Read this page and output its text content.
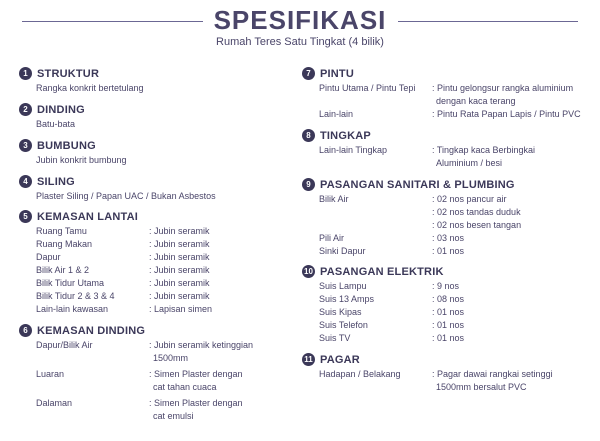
SPESIFIKASI
Rumah Teres Satu Tingkat (4 bilik)
1 STRUKTUR
Rangka konkrit bertetulang
2 DINDING
Batu-bata
3 BUMBUNG
Jubin konkrit bumbung
4 SILING
Plaster Siling / Papan UAC / Bukan Asbestos
5 KEMASAN LANTAI
Ruang Tamu	: Jubin seramik
Ruang Makan	: Jubin seramik
Dapur	: Jubin seramik
Bilik Air 1 & 2	: Jubin seramik
Bilik Tidur Utama	: Jubin seramik
Bilik Tidur 2 & 3 & 4	: Jubin seramik
Lain-lain kawasan	: Lapisan simen
6 KEMASAN DINDING
Dapur/Bilik Air	: Jubin seramik ketinggian
1500mm
Luaran	: Simen Plaster dengan
cat tahan cuaca
Dalaman	: Simen Plaster dengan
cat emulsi
7 PINTU
Pintu Utama / Pintu Tepi	: Pintu gelongsur rangka aluminium
dengan kaca terang
Lain-lain	: Pintu Rata Papan Lapis / Pintu PVC
8 TINGKAP
Lain-lain Tingkap	: Tingkap kaca Berbingkai
Aluminium / besi
9 PASANGAN SANITARI & PLUMBING
Bilik Air	: 02 nos pancur air
: 02 nos tandas duduk
: 02 nos besen tangan
Pili Air	: 03 nos
Sinki Dapur	: 01 nos
10 PASANGAN ELEKTRIK
Suis Lampu	: 9 nos
Suis 13 Amps	: 08 nos
Suis Kipas	: 01 nos
Suis Telefon	: 01 nos
Suis TV	: 01 nos
11 PAGAR
Hadapan / Belakang	: Pagar dawai rangkai setinggi
1500mm bersalut PVC
